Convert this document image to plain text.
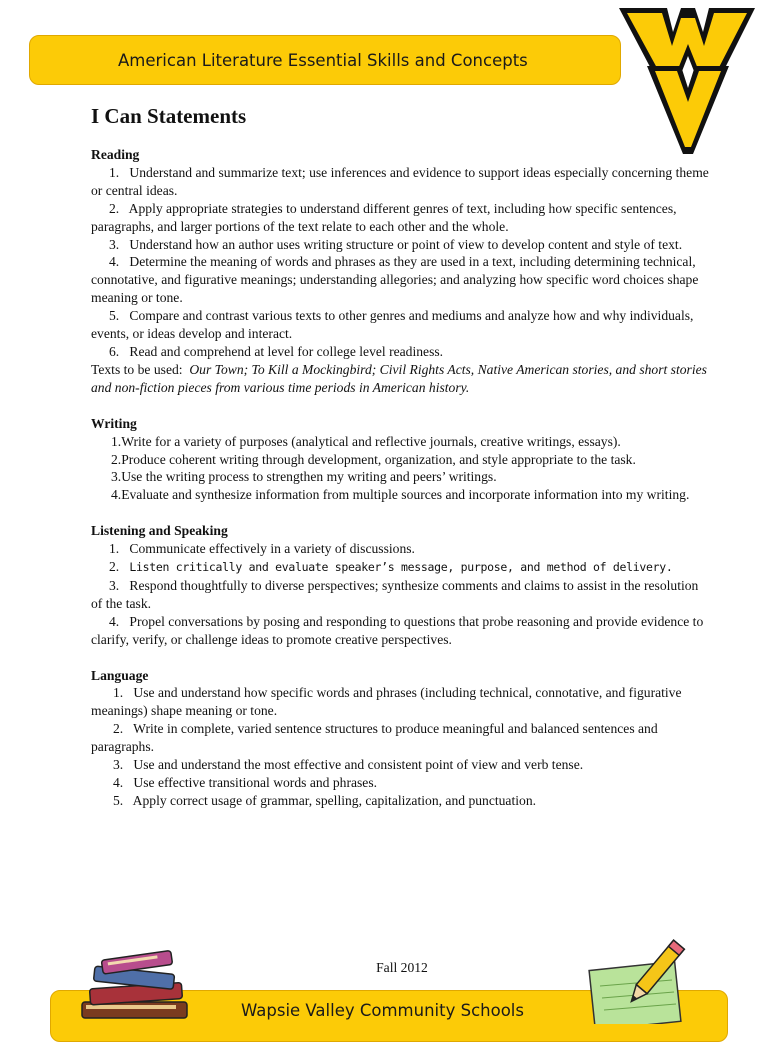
American Literature Essential Skills and Concepts
I Can Statements
Reading
1. Understand and summarize text; use inferences and evidence to support ideas especially concerning theme or central ideas.
2. Apply appropriate strategies to understand different genres of text, including how specific sentences, paragraphs, and larger portions of the text relate to each other and the whole.
3. Understand how an author uses writing structure or point of view to develop content and style of text.
4. Determine the meaning of words and phrases as they are used in a text, including determining technical, connotative, and figurative meanings; understanding allegories; and analyzing how specific word choices shape meaning or tone.
5. Compare and contrast various texts to other genres and mediums and analyze how and why individuals, events, or ideas develop and interact.
6. Read and comprehend at level for college level readiness.
Texts to be used: Our Town; To Kill a Mockingbird; Civil Rights Acts, Native American stories, and short stories and non-fiction pieces from various time periods in American history.
Writing
1.Write for a variety of purposes (analytical and reflective journals, creative writings, essays).
2.Produce coherent writing through development, organization, and style appropriate to the task.
3.Use the writing process to strengthen my writing and peers’ writings.
4.Evaluate and synthesize information from multiple sources and incorporate information into my writing.
Listening and Speaking
1. Communicate effectively in a variety of discussions.
2. Listen critically and evaluate speaker’s message, purpose, and method of delivery.
3. Respond thoughtfully to diverse perspectives; synthesize comments and claims to assist in the resolution of the task.
4. Propel conversations by posing and responding to questions that probe reasoning and provide evidence to clarify, verify, or challenge ideas to promote creative perspectives.
Language
1. Use and understand how specific words and phrases (including technical, connotative, and figurative meanings) shape meaning or tone.
2. Write in complete, varied sentence structures to produce meaningful and balanced sentences and paragraphs.
3. Use and understand the most effective and consistent point of view and verb tense.
4. Use effective transitional words and phrases.
5. Apply correct usage of grammar, spelling, capitalization, and punctuation.
Fall 2012
Wapsie Valley Community Schools
